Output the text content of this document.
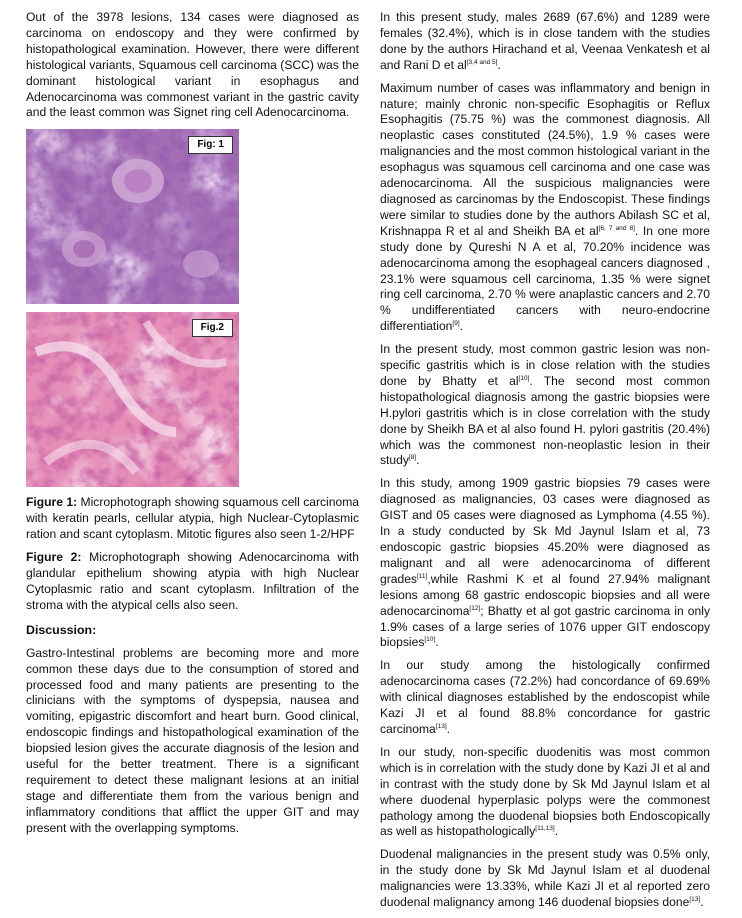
Out of the 3978 lesions, 134 cases were diagnosed as carcinoma on endoscopy and they were confirmed by histopathological examination. However, there were different histological variants, Squamous cell carcinoma (SCC) was the dominant histological variant in esophagus and Adenocarcinoma was commonest variant in the gastric cavity and the least common was Signet ring cell Adenocarcinoma.

Fig: 1
Fig.2

Figure 1: Microphotograph showing squamous cell carcinoma with keratin pearls, cellular atypia, high Nuclear-Cytoplasmic ration and scant cytoplasm. Mitotic figures also seen 1-2/HPF

Figure 2: Microphotograph showing Adenocarcinoma with glandular epithelium showing atypia with high Nuclear Cytoplasmic ratio and scant cytoplasm. Infiltration of the stroma with the atypical cells also seen.

Discussion:

Gastro-Intestinal problems are becoming more and more common these days due to the consumption of stored and processed food and many patients are presenting to the clinicians with the symptoms of dyspepsia, nausea and vomiting, epigastric discomfort and heart burn. Good clinical, endoscopic findings and histopathological examination of the biopsied lesion gives the accurate diagnosis of the lesion and useful for the better treatment. There is a significant requirement to detect these malignant lesions at an initial stage and differentiate them from the various benign and inflammatory conditions that afflict the upper GIT and may present with the overlapping symptoms.

In this present study, males 2689 (67.6%) and 1289 were females (32.4%), which is in close tandem with the studies done by the authors Hirachand et al, Veenaa Venkatesh et al and Rani D et al[3,4 and 5].

Maximum number of cases was inflammatory and benign in nature; mainly chronic non-specific Esophagitis or Reflux Esophagitis (75.75 %) was the commonest diagnosis. All neoplastic cases constituted (24.5%), 1.9 % cases were malignancies and the most common histological variant in the esophagus was squamous cell carcinoma and one case was adenocarcinoma. All the suspicious malignancies were diagnosed as carcinomas by the Endoscopist. These findings were similar to studies done by the authors Abilash SC et al, Krishnappa R et al and Sheikh BA et al[6, 7 and 8]. In one more study done by Qureshi N A et al, 70.20% incidence was adenocarcinoma among the esophageal cancers diagnosed , 23.1% were squamous cell carcinoma, 1.35 % were signet ring cell carcinoma, 2.70 % were anaplastic cancers and 2.70 % undifferentiated cancers with neuro-endocrine differentiation[9].

In the present study, most common gastric lesion was non-specific gastritis which is in close relation with the studies done by Bhatty et al[10]. The second most common histopathological diagnosis among the gastric biopsies were H.pylori gastritis which is in close correlation with the study done by Sheikh BA et al also found H. pylori gastritis (20.4%) which was the commonest non-neoplastic lesion in their study[8].

In this study, among 1909 gastric biopsies 79 cases were diagnosed as malignancies, 03 cases were diagnosed as GIST and 05 cases were diagnosed as Lymphoma (4.55 %). In a study conducted by Sk Md Jaynul Islam et al, 73 endoscopic gastric biopsies 45.20% were diagnosed as malignant and all were adenocarcinoma of different grades[11],while Rashmi K et al found 27.94% malignant lesions among 68 gastric endoscopic biopsies and all were adenocarcinoma[12]; Bhatty et al got gastric carcinoma in only 1.9% cases of a large series of 1076 upper GIT endoscopy biopsies[10].

In our study among the histologically confirmed adenocarcinoma cases (72.2%) had concordance of 69.69% with clinical diagnoses established by the endoscopist while Kazi JI et al found 88.8% concordance for gastric carcinoma[13].

In our study, non-specific duodenitis was most common which is in correlation with the study done by Kazi JI et al and in contrast with the study done by Sk Md Jaynul Islam et al where duodenal hyperplasic polyps were the commonest pathology among the duodenal biopsies both Endoscopically as well as histopathologically[11,13].

Duodenal malignancies in the present study was 0.5% only, in the study done by Sk Md Jaynul Islam et al duodenal malignancies were 13.33%, while Kazi JI et al reported zero duodenal malignancy among 146 duodenal biopsies done[13].
